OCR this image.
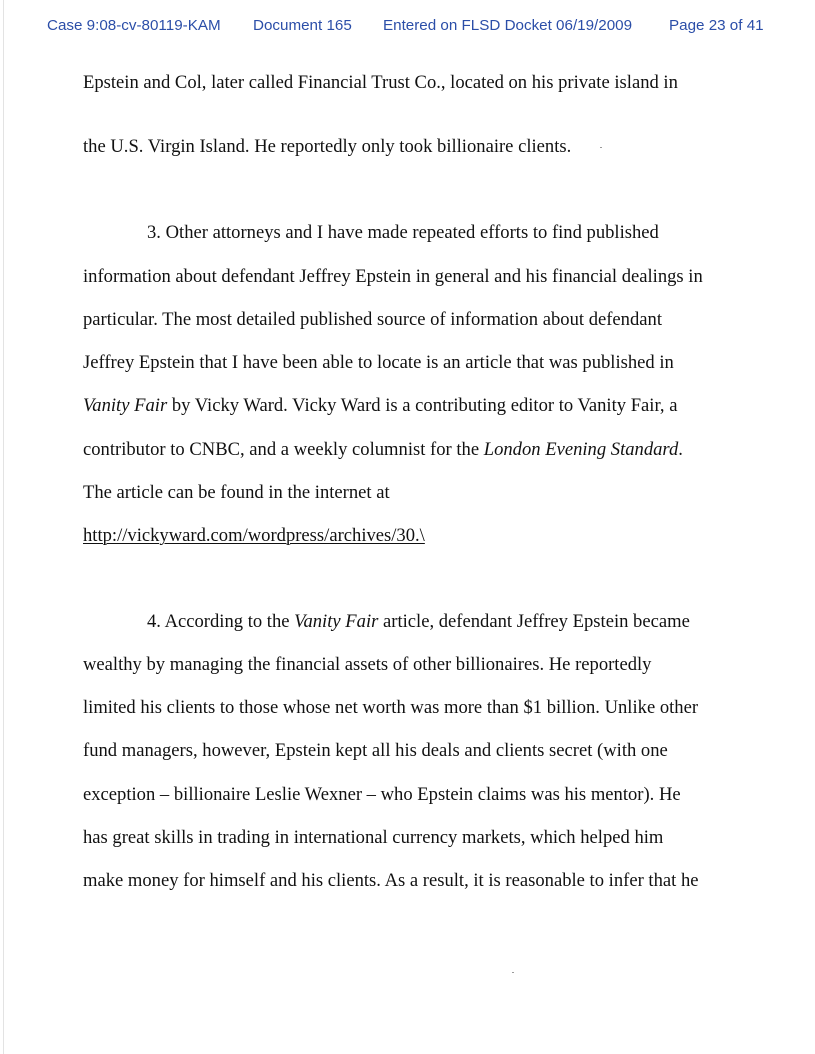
Case 9:08-cv-80119-KAM Document 165 Entered on FLSD Docket 06/19/2009 Page 23 of 41
Epstein and Col, later called Financial Trust Co., located on his private island in
the U.S. Virgin Island. He reportedly only took billionaire clients.
3. Other attorneys and I have made repeated efforts to find published
information about defendant Jeffrey Epstein in general and his financial dealings in
particular. The most detailed published source of information about defendant
Jeffrey Epstein that I have been able to locate is an article that was published in
Vanity Fair by Vicky Ward. Vicky Ward is a contributing editor to Vanity Fair, a
contributor to CNBC, and a weekly columnist for the London Evening Standard.
The article can be found in the internet at
http://vickyward.com/wordpress/archives/30.\
4. According to the Vanity Fair article, defendant Jeffrey Epstein became
wealthy by managing the financial assets of other billionaires. He reportedly
limited his clients to those whose net worth was more than $1 billion. Unlike other
fund managers, however, Epstein kept all his deals and clients secret (with one
exception – billionaire Leslie Wexner – who Epstein claims was his mentor). He
has great skills in trading in international currency markets, which helped him
make money for himself and his clients. As a result, it is reasonable to infer that he
